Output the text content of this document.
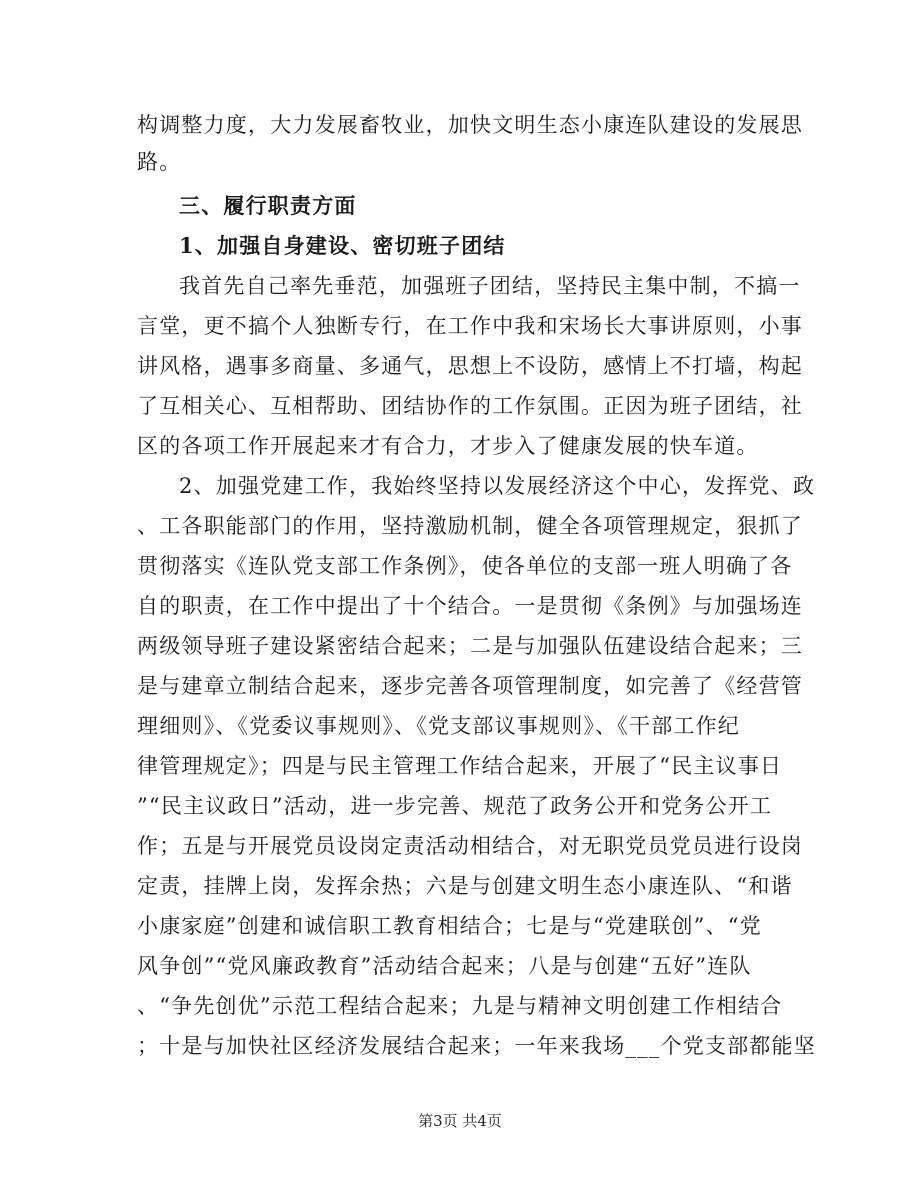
构调整力度，大力发展畜牧业，加快文明生态小康连队建设的发展思
路。
三、履行职责方面
1、加强自身建设、密切班子团结
我首先自己率先垂范，加强班子团结，坚持民主集中制，不搞一
言堂，更不搞个人独断专行，在工作中我和宋场长大事讲原则，小事
讲风格，遇事多商量、多通气，思想上不设防，感情上不打墙，构起
了互相关心、互相帮助、团结协作的工作氛围。正因为班子团结，社
区的各项工作开展起来才有合力，才步入了健康发展的快车道。
2、加强党建工作，我始终坚持以发展经济这个中心，发挥党、政
、工各职能部门的作用，坚持激励机制，健全各项管理规定，狠抓了
贯彻落实《连队党支部工作条例》，使各单位的支部一班人明确了各
自的职责，在工作中提出了十个结合。一是贯彻《条例》与加强场连
两级领导班子建设紧密结合起来；二是与加强队伍建设结合起来；三
是与建章立制结合起来，逐步完善各项管理制度，如完善了《经营管
理细则》、《党委议事规则》、《党支部议事规则》、《干部工作纪
律管理规定》；四是与民主管理工作结合起来，开展了“民主议事日
”“民主议政日”活动，进一步完善、规范了政务公开和党务公开工
作；五是与开展党员设岗定责活动相结合，对无职党员党员进行设岗
定责，挂牌上岗，发挥余热；六是与创建文明生态小康连队、“和谐
小康家庭”创建和诚信职工教育相结合；七是与“党建联创”、“党
风争创”“党风廉政教育”活动结合起来；八是与创建“五好”连队
、“争先创优”示范工程结合起来；九是与精神文明创建工作相结合
；十是与加快社区经济发展结合起来；一年来我场___个党支部都能坚
第3页 共4页
